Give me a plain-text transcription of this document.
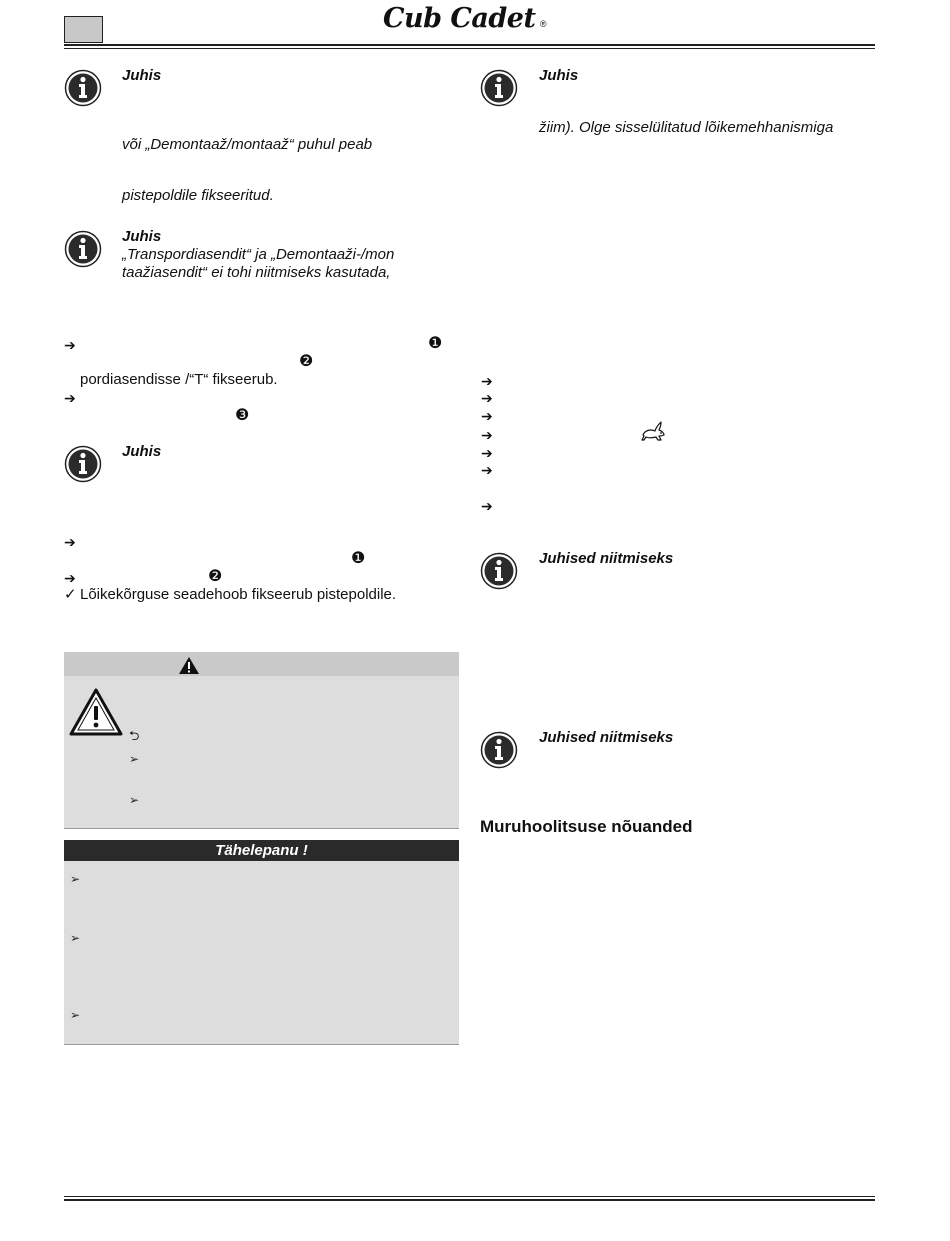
Cub Cadet ®
Juhis
või „Demontaaž/montaaž“ puhul peab
pistepoldile fikseeritud.
Juhis
„Transpordiasendit“ ja „Demontaaži-/mon
taažiasendit“ ei tohi niitmiseks kasutada,
➔	❶
❷
pordiasendisse /“T“ fikseerub.
➔
❸
Juhis
➔
❶
➔	❷
✓ Lõikekõrguse seadehoob fikseerub pistepoldile.
⮌
➢
➢
Tähelepanu !
➢
➢
➢
Juhis
žiim). Olge sisselülitatud lõikemehhanismiga
➔
➔
➔
➔
➔
➔
➔
Juhised niitmiseks
Juhised niitmiseks
Muruhoolitsuse nõuanded
